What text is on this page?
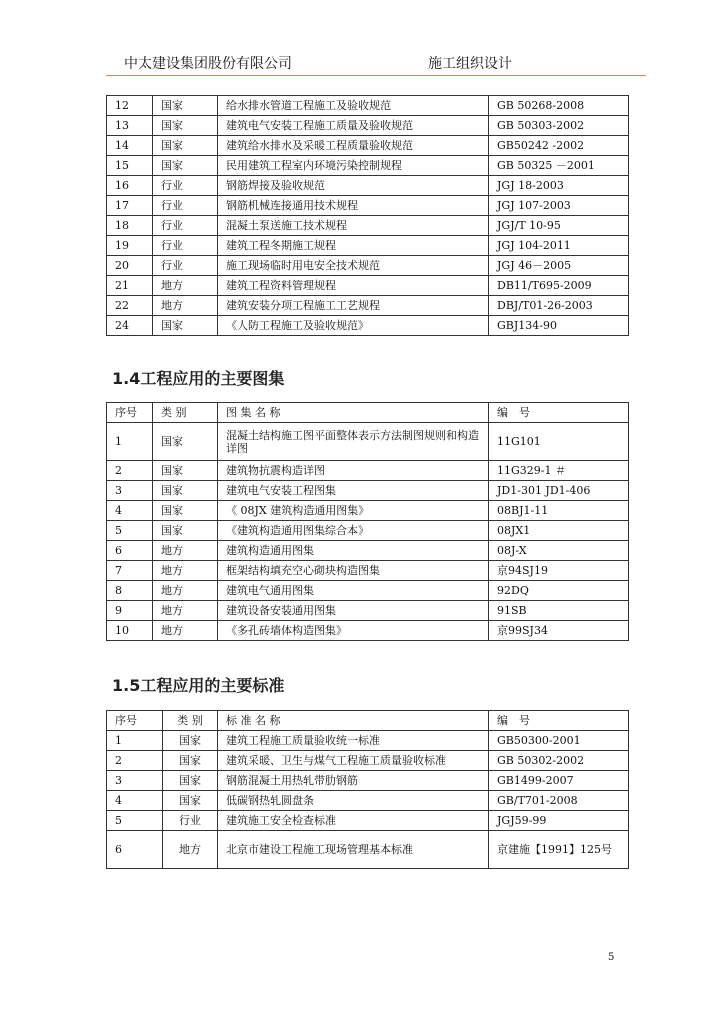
中太建设集团股份有限公司	施工组织设计
12	国家	给水排水管道工程施工及验收规范	GB 50268-2008
13	国家	建筑电气安装工程施工质量及验收规范	GB 50303-2002
14	国家	建筑给水排水及采暖工程质量验收规范	GB50242 -2002
15	国家	民用建筑工程室内环境污染控制规程	GB 50325 －2001
16	行业	钢筋焊接及验收规范	JGJ 18-2003
17	行业	钢筋机械连接通用技术规程	JGJ 107-2003
18	行业	混凝土泵送施工技术规程	JGJ/T 10-95
19	行业	建筑工程冬期施工规程	JGJ 104-2011
20	行业	施工现场临时用电安全技术规范	JGJ 46－2005
21	地方	建筑工程资料管理规程	DB11/T695-2009
22	地方	建筑安装分项工程施工工艺规程	DBJ/T01-26-2003
24	国家	《人防工程施工及验收规范》	GBJ134-90
1.4工程应用的主要图集
序号	类 别	图 集 名 称	编　号
1	国家	混凝土结构施工图平面整体表示方法制图规则和构造详图	11G101
2	国家	建筑物抗震构造详图	11G329-1 ＃
3	国家	建筑电气安装工程图集	JD1-301 JD1-406
4	国家	《 08JX 建筑构造通用图集》	08BJ1-11
5	国家	《建筑构造通用图集综合本》	08JX1
6	地方	建筑构造通用图集	08J-X
7	地方	框架结构填充空心砌块构造图集	京94SJ19
8	地方	建筑电气通用图集	92DQ
9	地方	建筑设备安装通用图集	91SB
10	地方	《多孔砖墙体构造图集》	京99SJ34
1.5工程应用的主要标准
序号	类 别	标 准 名 称	编　号
1	国家	建筑工程施工质量验收统一标准	GB50300-2001
2	国家	建筑采暖、卫生与煤气工程施工质量验收标准	GB 50302-2002
3	国家	钢筋混凝土用热轧带肋钢筋	GB1499-2007
4	国家	低碳钢热轧圆盘条	GB/T701-2008
5	行业	建筑施工安全检查标准	JGJ59-99
6	地方	北京市建设工程施工现场管理基本标准	京建施【1991】125号
5
